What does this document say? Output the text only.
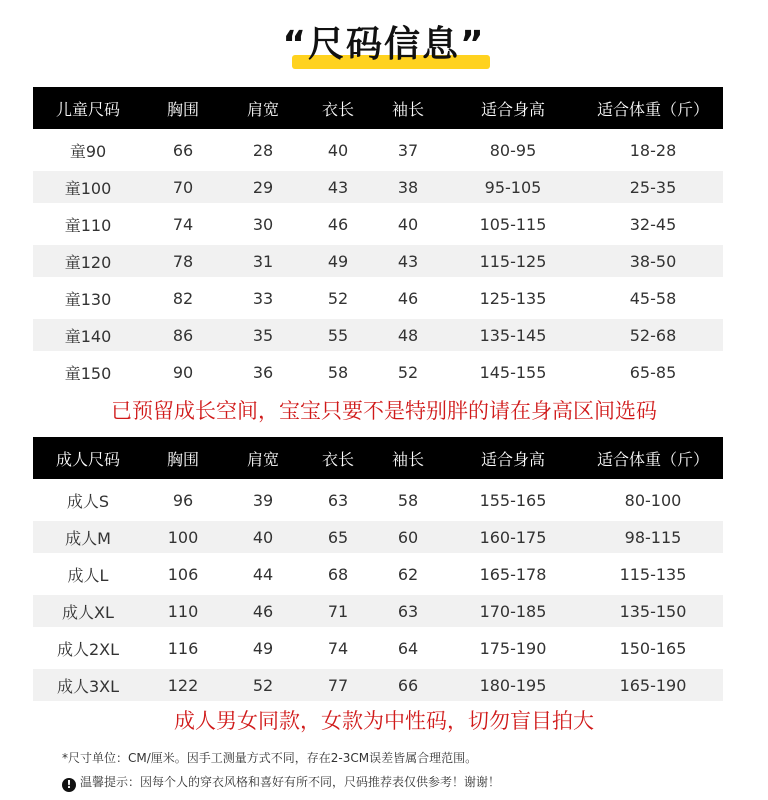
“尺码信息”
儿童尺码	胸围	肩宽	衣长	袖长	适合身高	适合体重（斤）
童90	66	28	40	37	80-95	18-28
童100	70	29	43	38	95-105	25-35
童110	74	30	46	40	105-115	32-45
童120	78	31	49	43	115-125	38-50
童130	82	33	52	46	125-135	45-58
童140	86	35	55	48	135-145	52-68
童150	90	36	58	52	145-155	65-85
已预留成长空间，宝宝只要不是特别胖的请在身高区间选码
成人尺码	胸围	肩宽	衣长	袖长	适合身高	适合体重（斤）
成人S	96	39	63	58	155-165	80-100
成人M	100	40	65	60	160-175	98-115
成人L	106	44	68	62	165-178	115-135
成人XL	110	46	71	63	170-185	135-150
成人2XL	116	49	74	64	175-190	150-165
成人3XL	122	52	77	66	180-195	165-190
成人男女同款，女款为中性码，切勿盲目拍大
*尺寸单位：CM/厘米。因手工测量方式不同，存在2-3CM误差皆属合理范围。
! 温馨提示：因每个人的穿衣风格和喜好有所不同，尺码推荐表仅供参考！谢谢！
